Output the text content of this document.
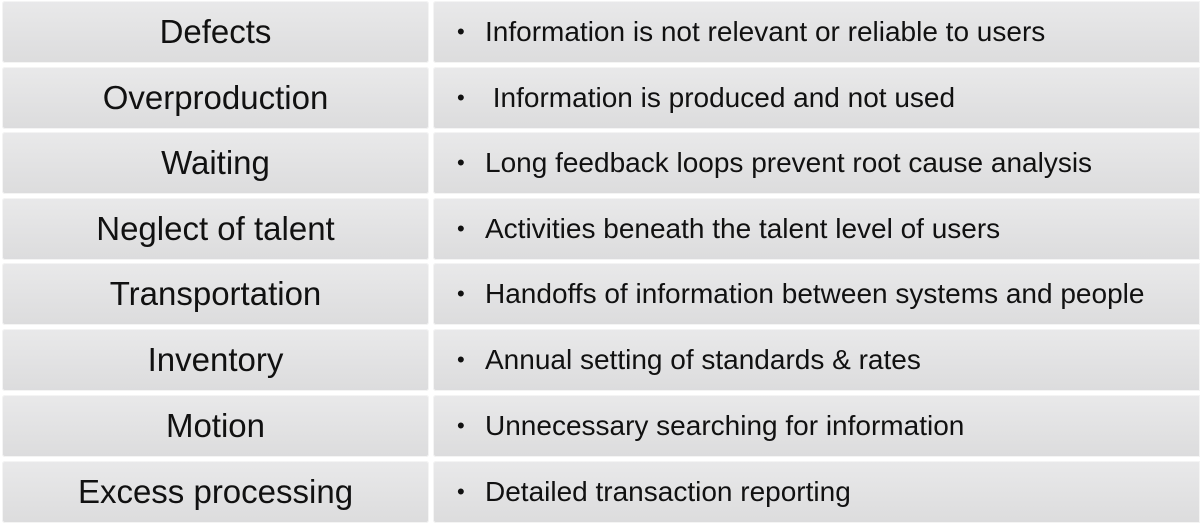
Defects	• Information is not relevant or reliable to users
Overproduction	• Information is produced and not used
Waiting	• Long feedback loops prevent root cause analysis
Neglect of talent	• Activities beneath the talent level of users
Transportation	• Handoffs of information between systems and people
Inventory	• Annual setting of standards & rates
Motion	• Unnecessary searching for information
Excess processing	• Detailed transaction reporting
